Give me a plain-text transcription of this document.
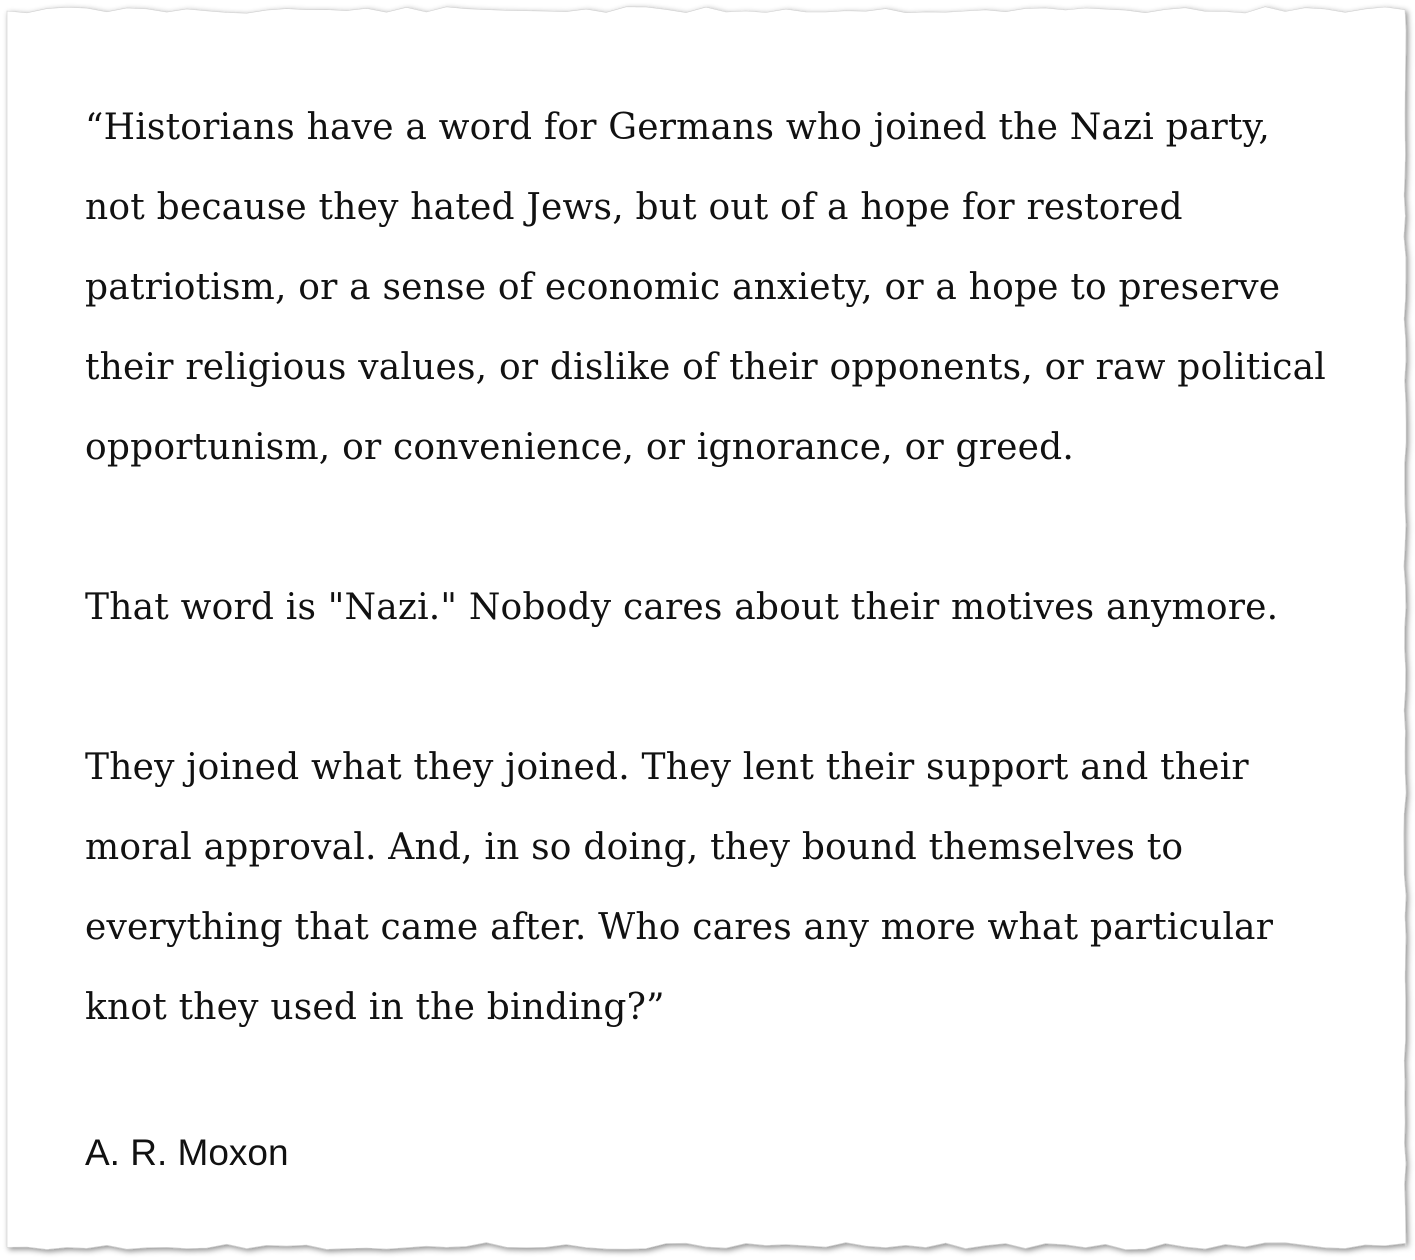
“Historians have a word for Germans who joined the Nazi party, not because they hated Jews, but out of a hope for restored patriotism, or a sense of economic anxiety, or a hope to preserve their religious values, or dislike of their opponents, or raw political opportunism, or convenience, or ignorance, or greed.

That word is "Nazi." Nobody cares about their motives anymore.

They joined what they joined. They lent their support and their moral approval. And, in so doing, they bound themselves to everything that came after. Who cares any more what particular knot they used in the binding?”

A. R. Moxon
